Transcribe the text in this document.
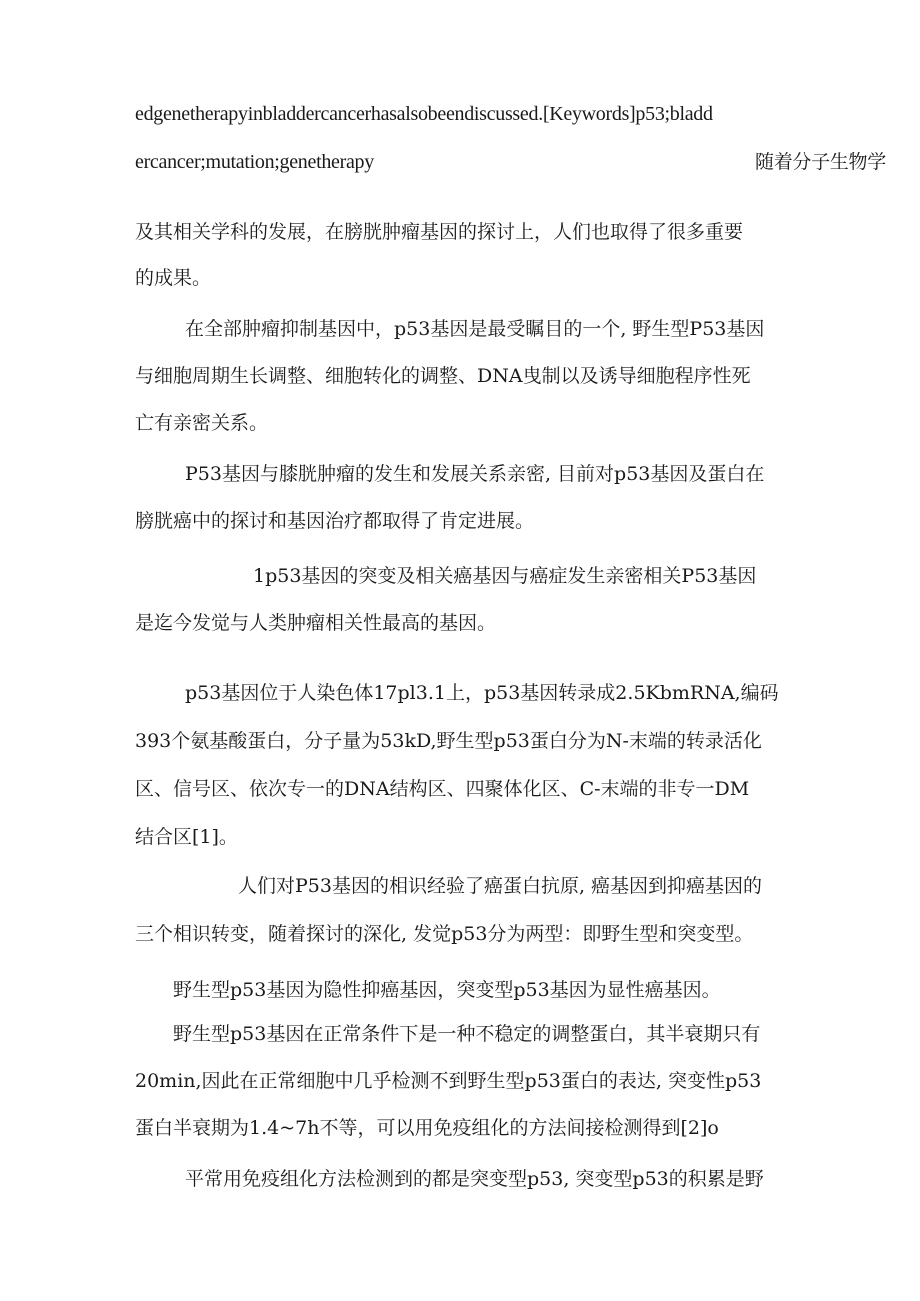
edgenetherapyinbladdercancerhasalsobeendiscussed.[Keywords]p53;bladd
ercancer;mutation;genetherapy	随着分子生物学
及其相关学科的发展，在膀胱肿瘤基因的探讨上，人们也取得了很多重要
的成果。
在全部肿瘤抑制基因中，p53基因是最受瞩目的一个, 野生型P53基因
与细胞周期生长调整、细胞转化的调整、DNA曳制以及诱导细胞程序性死
亡有亲密关系。
P53基因与膝胱肿瘤的发生和发展关系亲密, 目前对p53基因及蛋白在
膀胱癌中的探讨和基因治疗都取得了肯定进展。
1p53基因的突变及相关癌基因与癌症发生亲密相关P53基因
是迄今发觉与人类肿瘤相关性最高的基因。
p53基因位于人染色体17pl3.1上，p53基因转录成2.5KbmRNA,编码
393个氨基酸蛋白，分子量为53kD,野生型p53蛋白分为N-末端的转录活化
区、信号区、依次专一的DNA结构区、四聚体化区、C-末端的非专一DM
结合区[1]。
人们对P53基因的相识经验了癌蛋白抗原, 癌基因到抑癌基因的
三个相识转变，随着探讨的深化, 发觉p53分为两型：即野生型和突变型。
野生型p53基因为隐性抑癌基因，突变型p53基因为显性癌基因。
野生型p53基因在正常条件下是一种不稳定的调整蛋白，其半衰期只有
20min,因此在正常细胞中几乎检测不到野生型p53蛋白的表达, 突变性p53
蛋白半衰期为1.4~7h不等，可以用免疫组化的方法间接检测得到[2]o
平常用免疫组化方法检测到的都是突变型p53, 突变型p53的积累是野
